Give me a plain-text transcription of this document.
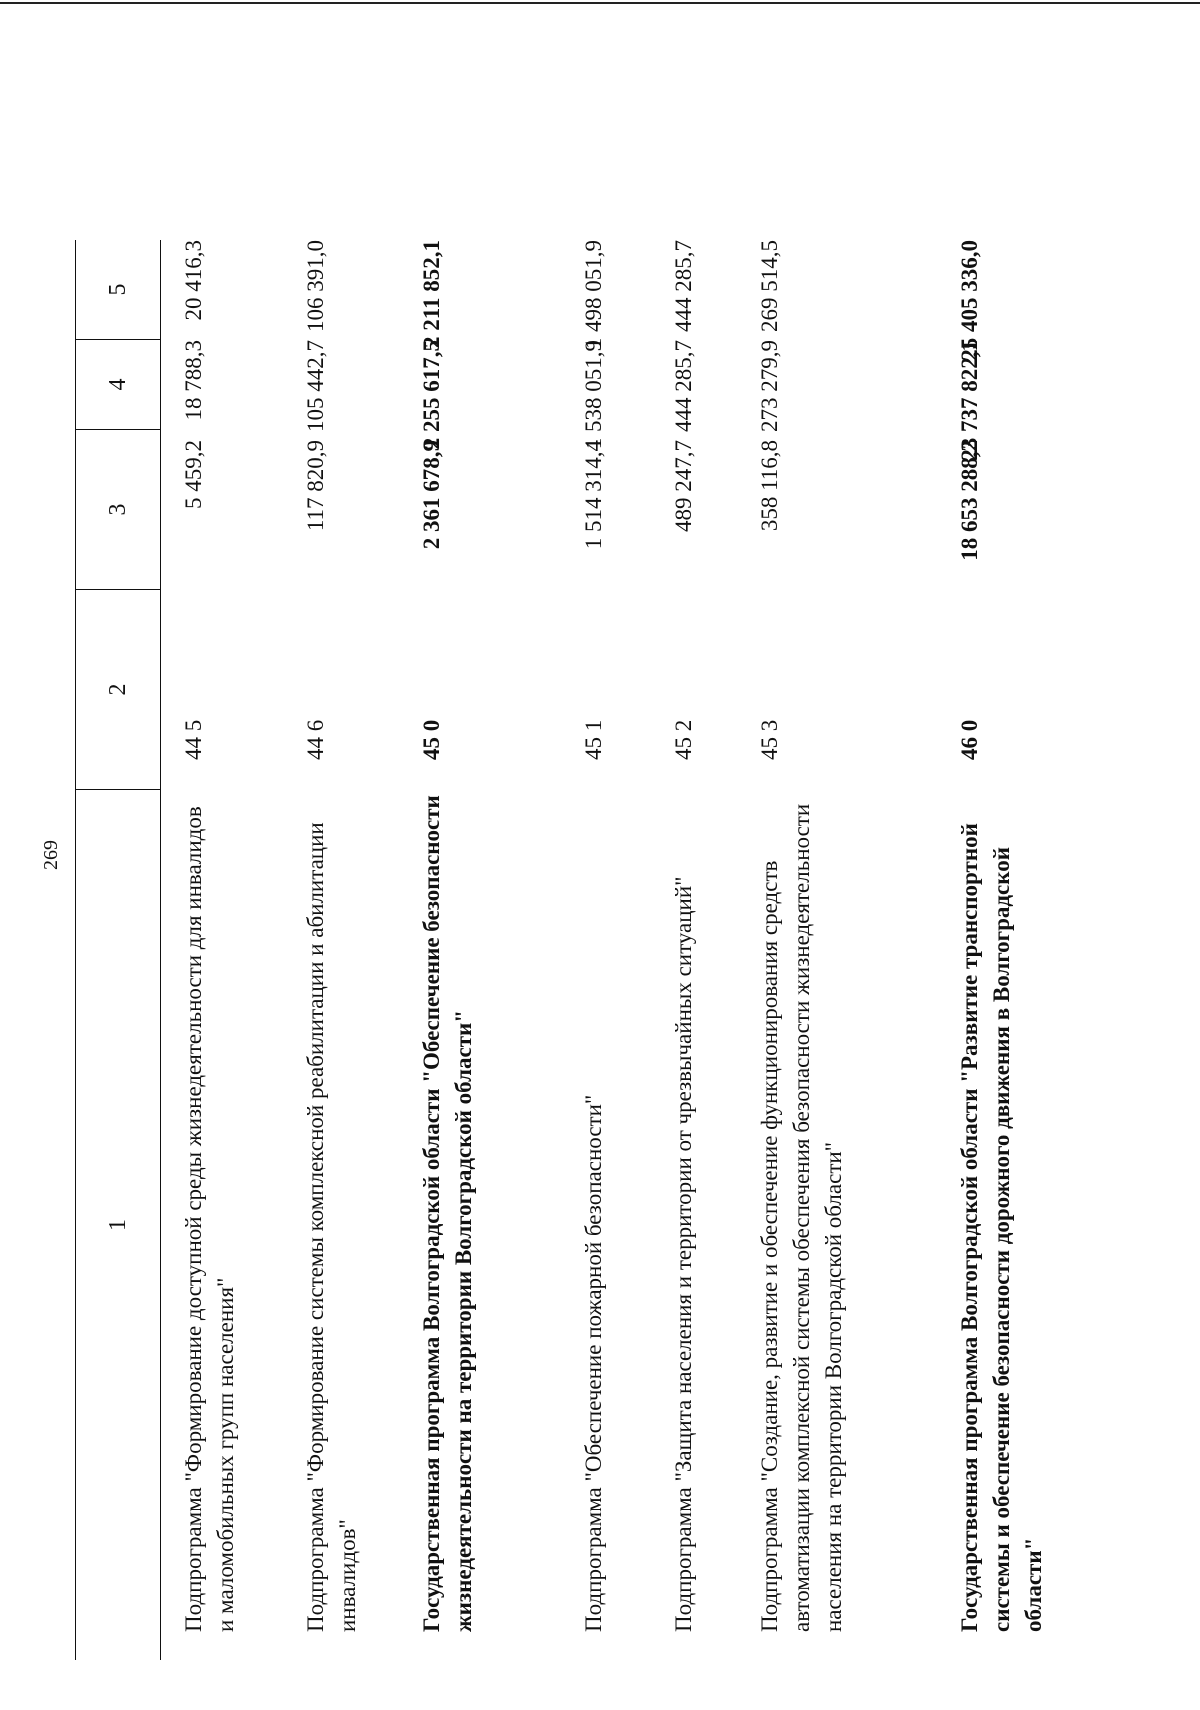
269
1
2
3
4
5
Подпрограмма "Формирование доступной среды жизнедеятельности для инвалидов и маломобильных групп населения"
44 5
5 459,2
18 788,3
20 416,3
Подпрограмма "Формирование системы комплексной реабилитации и абилитации инвалидов"
44 6
117 820,9
105 442,7
106 391,0
Государственная программа Волгоградской области "Обеспечение безопасности жизнедеятельности на территории Волгоградской области"
45 0
2 361 678,9
2 255 617,5
2 211 852,1
Подпрограмма "Обеспечение пожарной безопасности"
45 1
1 514 314,4
1 538 051,9
1 498 051,9
Подпрограмма "Защита населения и территории от чрезвычайных ситуаций"
45 2
489 247,7
444 285,7
444 285,7
Подпрограмма "Создание, развитие и обеспечение функционирования средств автоматизации комплексной системы обеспечения безопасности жизнедеятельности населения на территории Волгоградской области"
45 3
358 116,8
273 279,9
269 514,5
Государственная программа Волгоградской области "Развитие транспортной системы и обеспечение безопасности дорожного движения в Волгоградской области"
46 0
18 653 288,2
23 737 822,1
25 405 336,0
